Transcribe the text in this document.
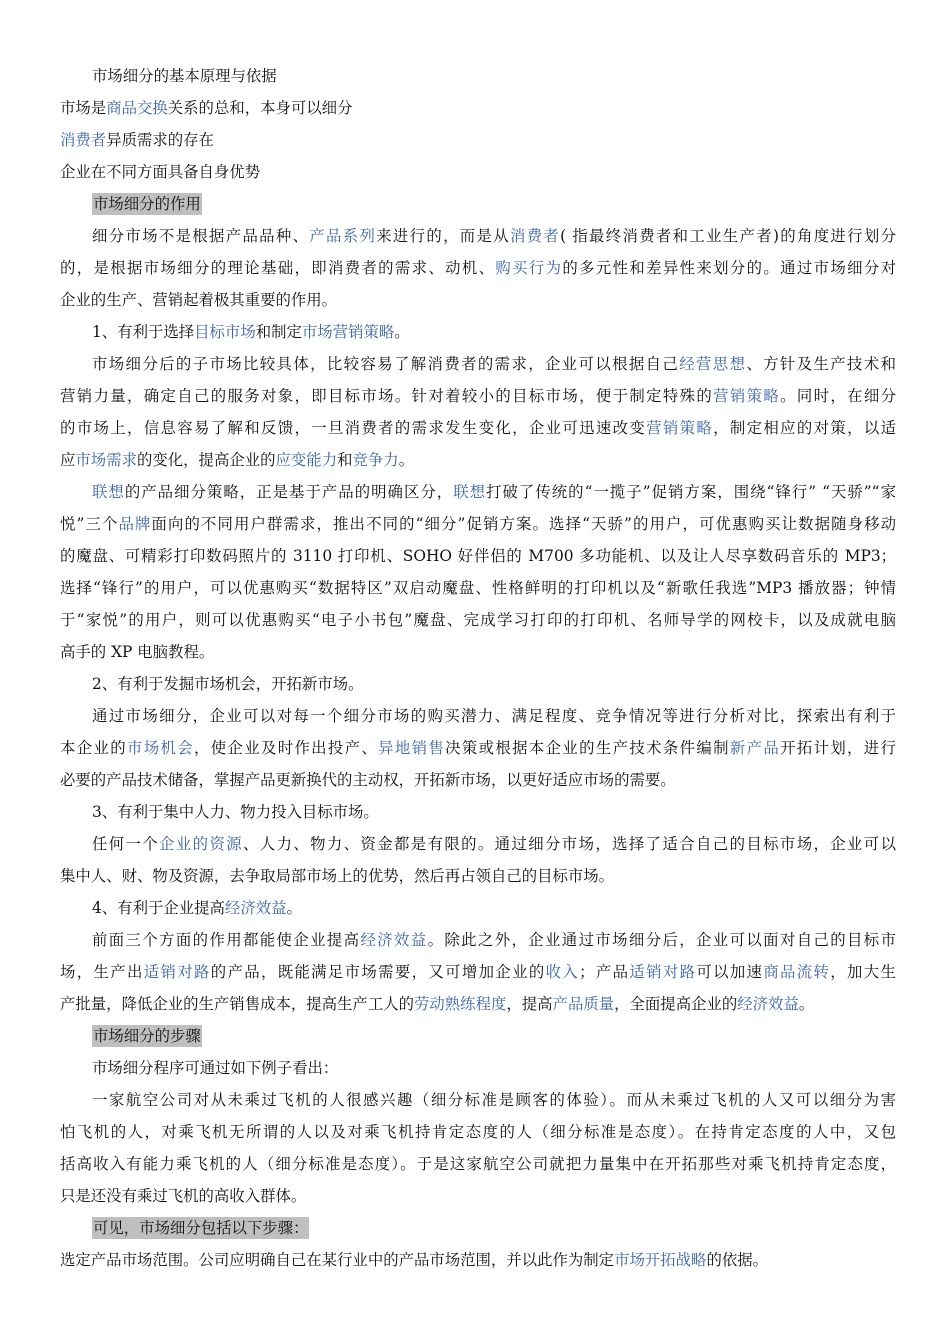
市场细分的基本原理与依据
市场是商品交换关系的总和，本身可以细分
消费者异质需求的存在
企业在不同方面具备自身优势
市场细分的作用
细分市场不是根据产品品种、产品系列来进行的，而是从消费者( 指最终消费者和工业生产者)的角度进行划分
的，是根据市场细分的理论基础，即消费者的需求、动机、购买行为的多元性和差异性来划分的。通过市场细分对
企业的生产、营销起着极其重要的作用。
1、有利于选择目标市场和制定市场营销策略。
市场细分后的子市场比较具体，比较容易了解消费者的需求，企业可以根据自己经营思想、方针及生产技术和
营销力量，确定自己的服务对象，即目标市场。针对着较小的目标市场，便于制定特殊的营销策略。同时，在细分
的市场上，信息容易了解和反馈，一旦消费者的需求发生变化，企业可迅速改变营销策略，制定相应的对策，以适
应市场需求的变化，提高企业的应变能力和竞争力。
联想的产品细分策略，正是基于产品的明确区分，联想打破了传统的“一揽子”促销方案，围绕“锋行” “天骄”“家
悦”三个品牌面向的不同用户群需求，推出不同的“细分”促销方案。选择“天骄”的用户，可优惠购买让数据随身移动
的魔盘、可精彩打印数码照片的 3110 打印机、SOHO 好伴侣的 M700 多功能机、以及让人尽享数码音乐的 MP3；
选择“锋行”的用户，可以优惠购买“数据特区”双启动魔盘、性格鲜明的打印机以及“新歌任我选”MP3 播放器；钟情
于“家悦”的用户，则可以优惠购买“电子小书包”魔盘、完成学习打印的打印机、名师导学的网校卡，以及成就电脑
高手的 XP 电脑教程。
2、有利于发掘市场机会，开拓新市场。
通过市场细分，企业可以对每一个细分市场的购买潜力、满足程度、竞争情况等进行分析对比，探索出有利于
本企业的市场机会，使企业及时作出投产、异地销售决策或根据本企业的生产技术条件编制新产品开拓计划，进行
必要的产品技术储备，掌握产品更新换代的主动权，开拓新市场，以更好适应市场的需要。
3、有利于集中人力、物力投入目标市场。
任何一个企业的资源、人力、物力、资金都是有限的。通过细分市场，选择了适合自己的目标市场，企业可以
集中人、财、物及资源，去争取局部市场上的优势，然后再占领自己的目标市场。
4、有利于企业提高经济效益。
前面三个方面的作用都能使企业提高经济效益。除此之外，企业通过市场细分后，企业可以面对自己的目标市
场，生产出适销对路的产品，既能满足市场需要，又可增加企业的收入；产品适销对路可以加速商品流转，加大生
产批量，降低企业的生产销售成本，提高生产工人的劳动熟练程度，提高产品质量，全面提高企业的经济效益。
市场细分的步骤
市场细分程序可通过如下例子看出：
一家航空公司对从未乘过飞机的人很感兴趣（细分标准是顾客的体验）。而从未乘过飞机的人又可以细分为害
怕飞机的人，对乘飞机无所谓的人以及对乘飞机持肯定态度的人（细分标准是态度）。在持肯定态度的人中，又包
括高收入有能力乘飞机的人（细分标准是态度）。于是这家航空公司就把力量集中在开拓那些对乘飞机持肯定态度，
只是还没有乘过飞机的高收入群体。
可见，市场细分包括以下步骤：
选定产品市场范围。公司应明确自己在某行业中的产品市场范围，并以此作为制定市场开拓战略的依据。
